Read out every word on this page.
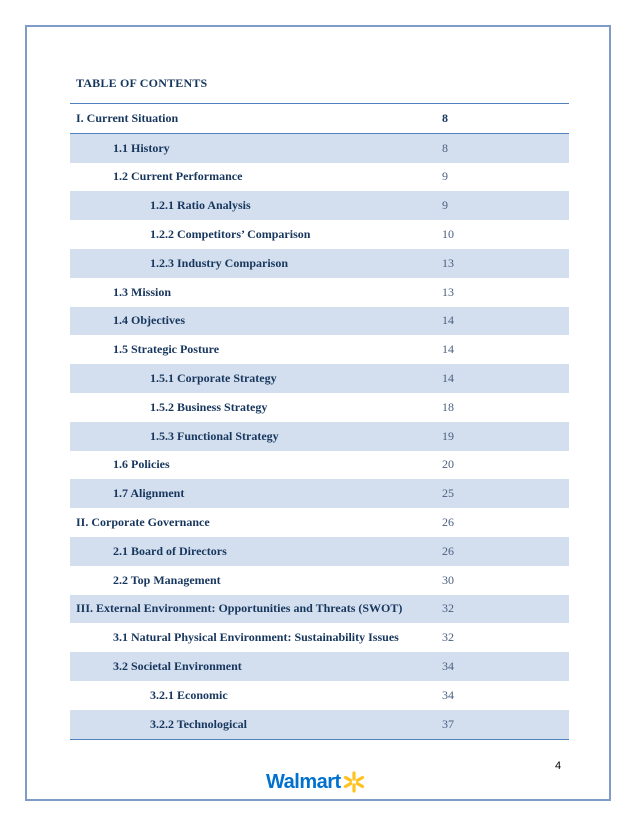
TABLE OF CONTENTS
I. Current Situation	8
1.1 History	8
1.2 Current Performance	9
1.2.1 Ratio Analysis	9
1.2.2 Competitors’ Comparison	10
1.2.3 Industry Comparison	13
1.3 Mission	13
1.4 Objectives	14
1.5 Strategic Posture	14
1.5.1 Corporate Strategy	14
1.5.2 Business Strategy	18
1.5.3 Functional Strategy	19
1.6 Policies	20
1.7 Alignment	25
II. Corporate Governance	26
2.1 Board of Directors	26
2.2 Top Management	30
III. External Environment: Opportunities and Threats (SWOT)	32
3.1 Natural Physical Environment: Sustainability Issues	32
3.2 Societal Environment	34
3.2.1 Economic	34
3.2.2 Technological	37
4
Walmart
